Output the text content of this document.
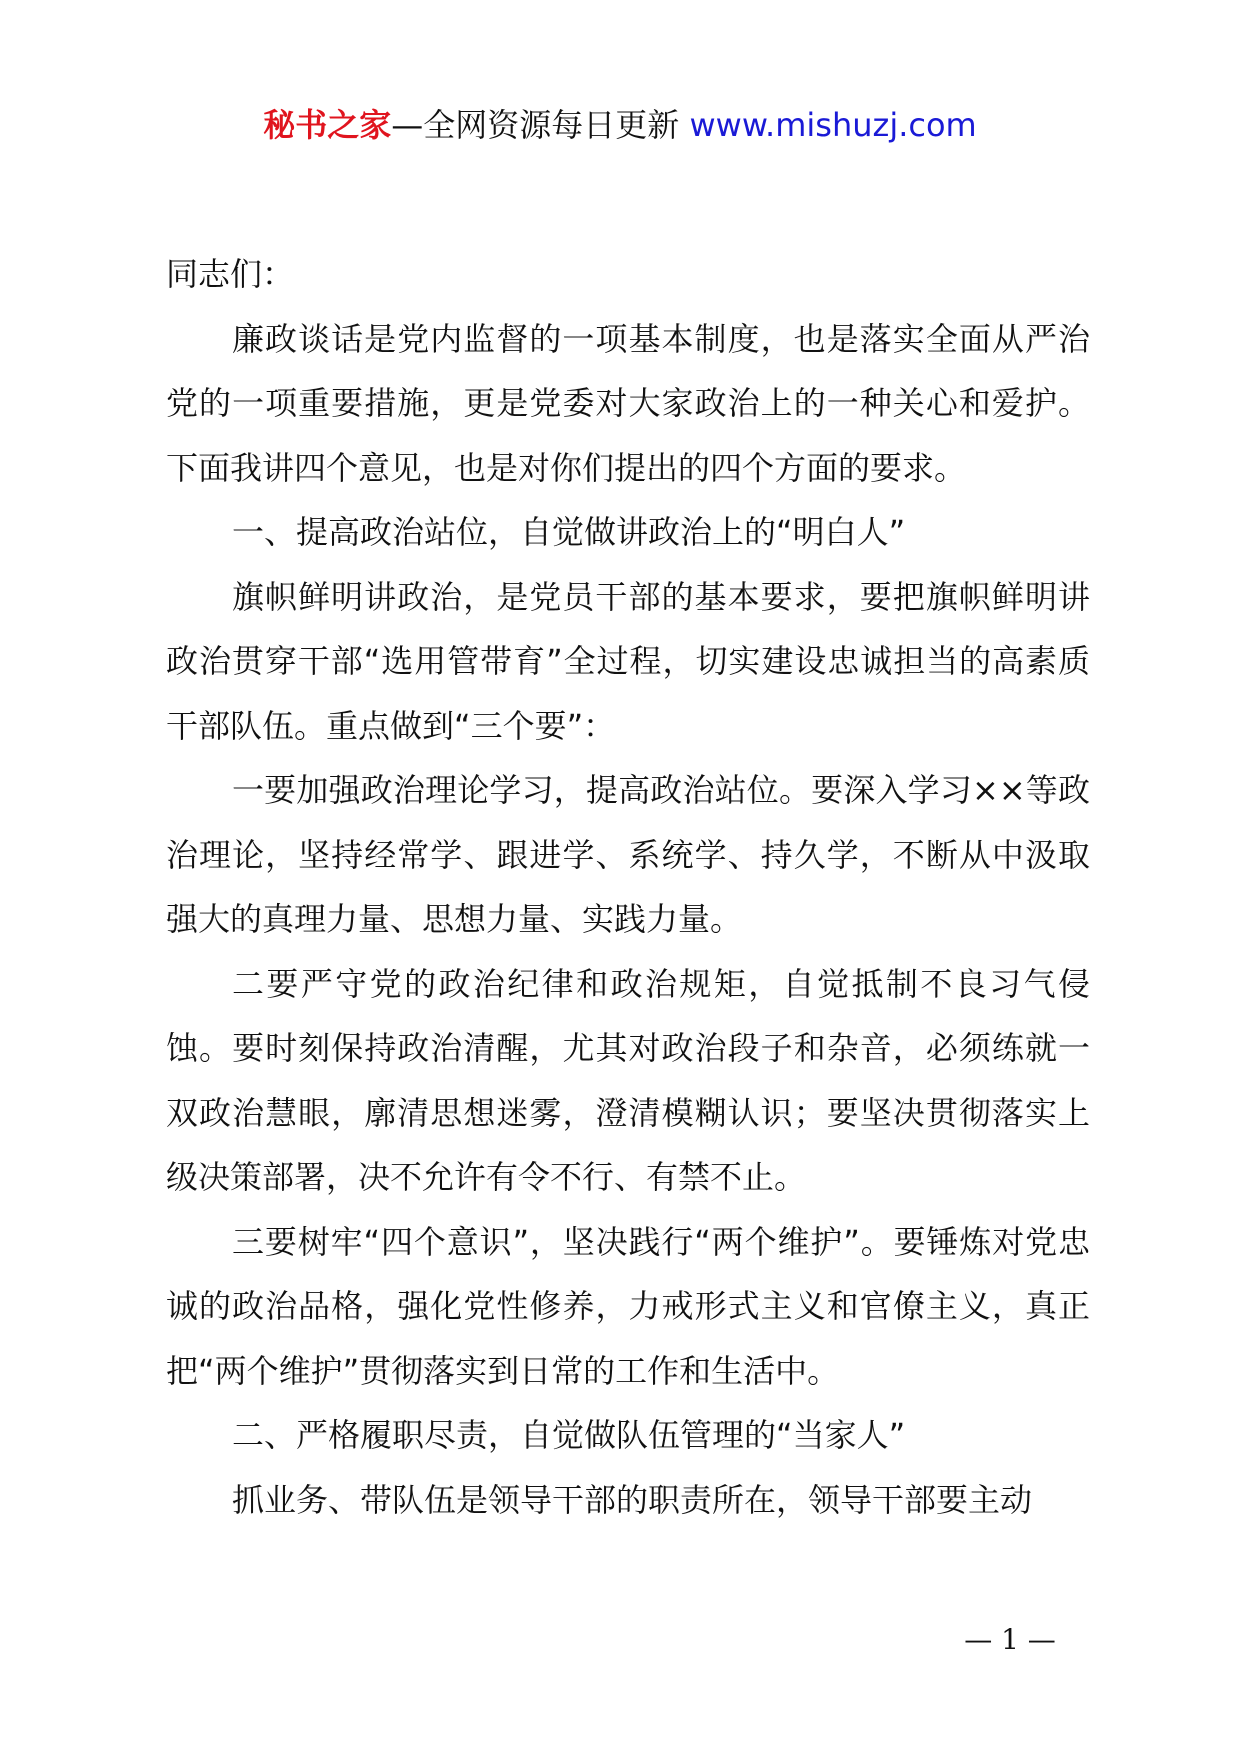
秘书之家—全网资源每日更新 www.mishuzj.com

同志们：

廉政谈话是党内监督的一项基本制度，也是落实全面从严治党的一项重要措施，更是党委对大家政治上的一种关心和爱护。下面我讲四个意见，也是对你们提出的四个方面的要求。

一、提高政治站位，自觉做讲政治上的“明白人”

旗帜鲜明讲政治，是党员干部的基本要求，要把旗帜鲜明讲政治贯穿干部“选用管带育”全过程，切实建设忠诚担当的高素质干部队伍。重点做到“三个要”：

一要加强政治理论学习，提高政治站位。要深入学习××等政治理论，坚持经常学、跟进学、系统学、持久学，不断从中汲取强大的真理力量、思想力量、实践力量。

二要严守党的政治纪律和政治规矩，自觉抵制不良习气侵蚀。要时刻保持政治清醒，尤其对政治段子和杂音，必须练就一双政治慧眼，廓清思想迷雾，澄清模糊认识；要坚决贯彻落实上级决策部署，决不允许有令不行、有禁不止。

三要树牢“四个意识”，坚决践行“两个维护”。要锤炼对党忠诚的政治品格，强化党性修养，力戒形式主义和官僚主义，真正把“两个维护”贯彻落实到日常的工作和生活中。

二、严格履职尽责，自觉做队伍管理的“当家人”

抓业务、带队伍是领导干部的职责所在，领导干部要主动

— 1 —
